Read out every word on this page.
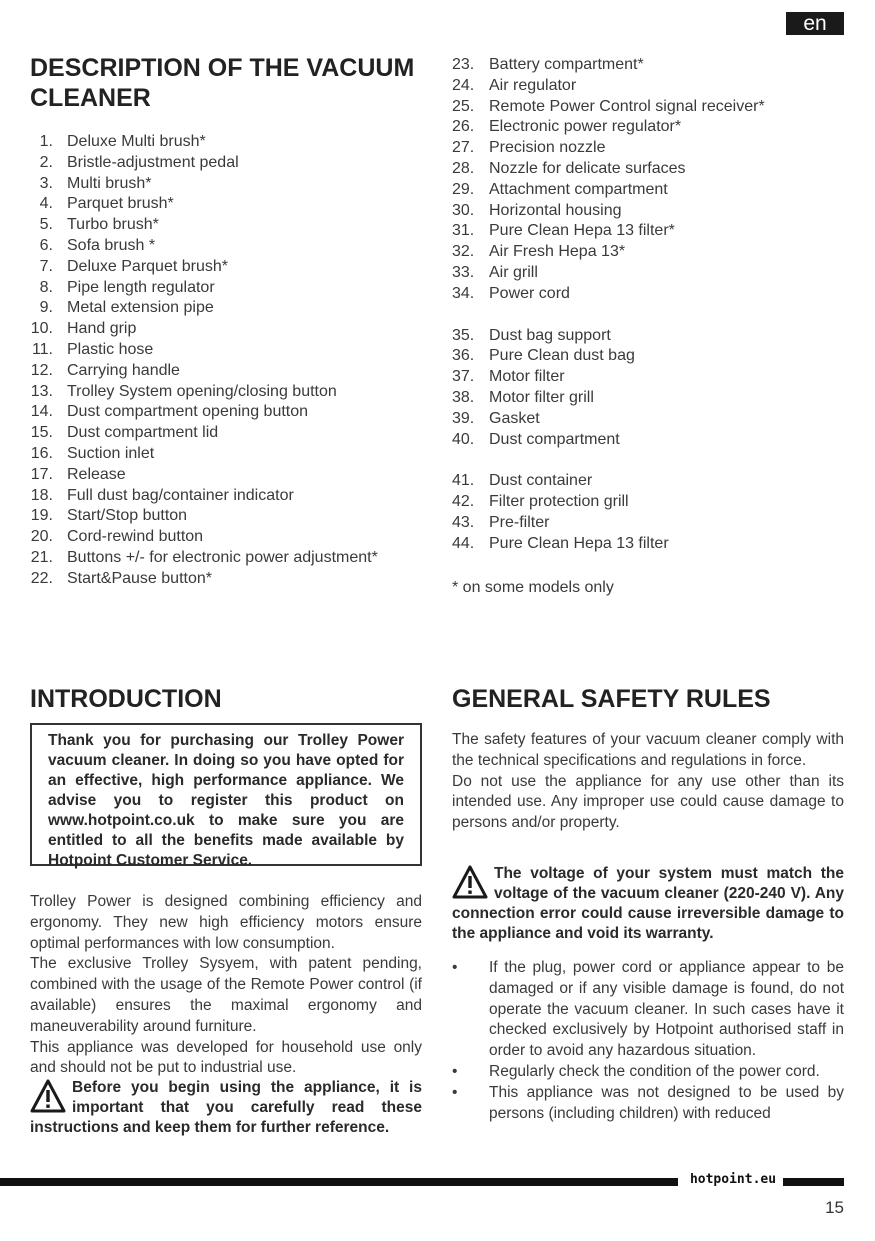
en
DESCRIPTION OF THE VACUUM CLEANER
1. Deluxe Multi brush*
2. Bristle-adjustment pedal
3. Multi brush*
4. Parquet brush*
5. Turbo brush*
6. Sofa brush *
7. Deluxe Parquet brush*
8. Pipe length regulator
9. Metal extension pipe
10. Hand grip
11. Plastic hose
12. Carrying handle
13. Trolley System opening/closing button
14. Dust compartment opening button
15. Dust compartment lid
16. Suction inlet
17. Release
18. Full dust bag/container indicator
19. Start/Stop button
20. Cord-rewind button
21. Buttons +/- for electronic power adjustment*
22. Start&Pause button*
23. Battery compartment*
24. Air regulator
25. Remote Power Control signal receiver*
26. Electronic power regulator*
27. Precision nozzle
28. Nozzle for delicate surfaces
29. Attachment compartment
30. Horizontal housing
31. Pure Clean Hepa 13 filter*
32. Air Fresh Hepa 13*
33. Air grill
34. Power cord
35. Dust bag support
36. Pure Clean dust bag
37. Motor filter
38. Motor filter grill
39. Gasket
40. Dust compartment
41. Dust container
42. Filter protection grill
43. Pre-filter
44. Pure Clean Hepa 13 filter
* on some models only
INTRODUCTION	GENERAL SAFETY RULES
Thank you for purchasing our Trolley Power vacuum cleaner. In doing so you have opted for an effective, high performance appliance. We advise you to register this product on www.hotpoint.co.uk to make sure you are entitled to all the benefits made available by Hotpoint Customer Service.

Trolley Power is designed combining efficiency and ergonomy. They new high efficiency motors ensure optimal performances with low consumption.

The exclusive Trolley Sysyem, with patent pending, combined with the usage of the Remote Power control (if available) ensures the maximal ergonomy and maneuverability around furniture.

This appliance was developed for household use only and should not be put to industrial use.

Before you begin using the appliance, it is important that you carefully read these instructions and keep them for further reference.

The safety features of your vacuum cleaner comply with the technical specifications and regulations in force.

Do not use the appliance for any use other than its intended use. Any improper use could cause damage to persons and/or property.

The voltage of your system must match the voltage of the vacuum cleaner (220-240 V). Any connection error could cause irreversible damage to the appliance and void its warranty.
• If the plug, power cord or appliance appear to be damaged or if any visible damage is found, do not operate the vacuum cleaner. In such cases have it checked exclusively by Hotpoint authorised staff in order to avoid any hazardous situation.
• Regularly check the condition of the power cord.
• This appliance was not designed to be used by persons (including children) with reduced
hotpoint.eu
15
